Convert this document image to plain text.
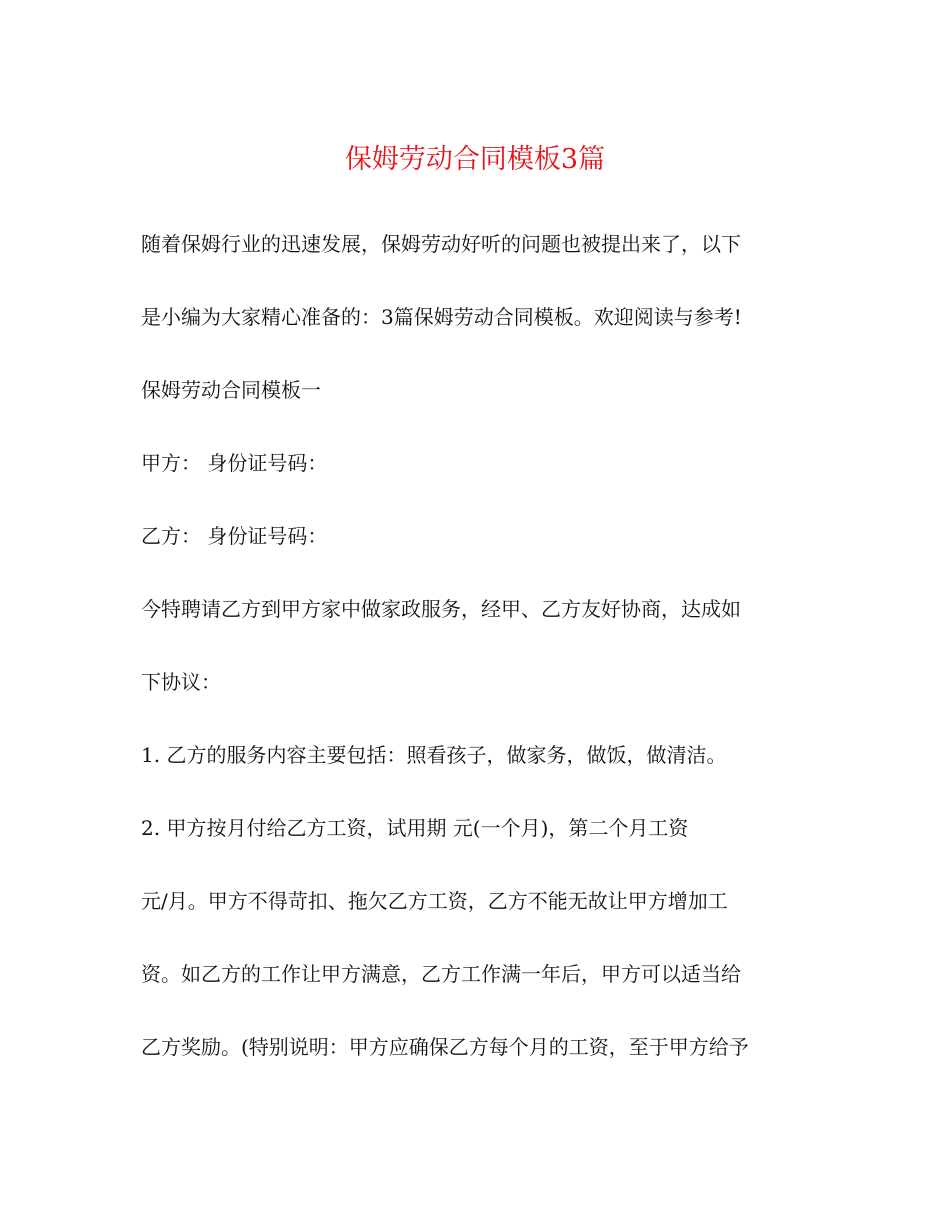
保姆劳动合同模板3篇
随着保姆行业的迅速发展，保姆劳动好听的问题也被提出来了，以下
是小编为大家精心准备的：3篇保姆劳动合同模板。欢迎阅读与参考!
保姆劳动合同模板一
甲方： 身份证号码：
乙方： 身份证号码：
今特聘请乙方到甲方家中做家政服务，经甲、乙方友好协商，达成如
下协议：
1. 乙方的服务内容主要包括：照看孩子，做家务，做饭，做清洁。
2. 甲方按月付给乙方工资，试用期 元(一个月)，第二个月工资
元/月。甲方不得苛扣、拖欠乙方工资，乙方不能无故让甲方增加工
资。如乙方的工作让甲方满意，乙方工作满一年后，甲方可以适当给
乙方奖励。(特别说明：甲方应确保乙方每个月的工资，至于甲方给予
